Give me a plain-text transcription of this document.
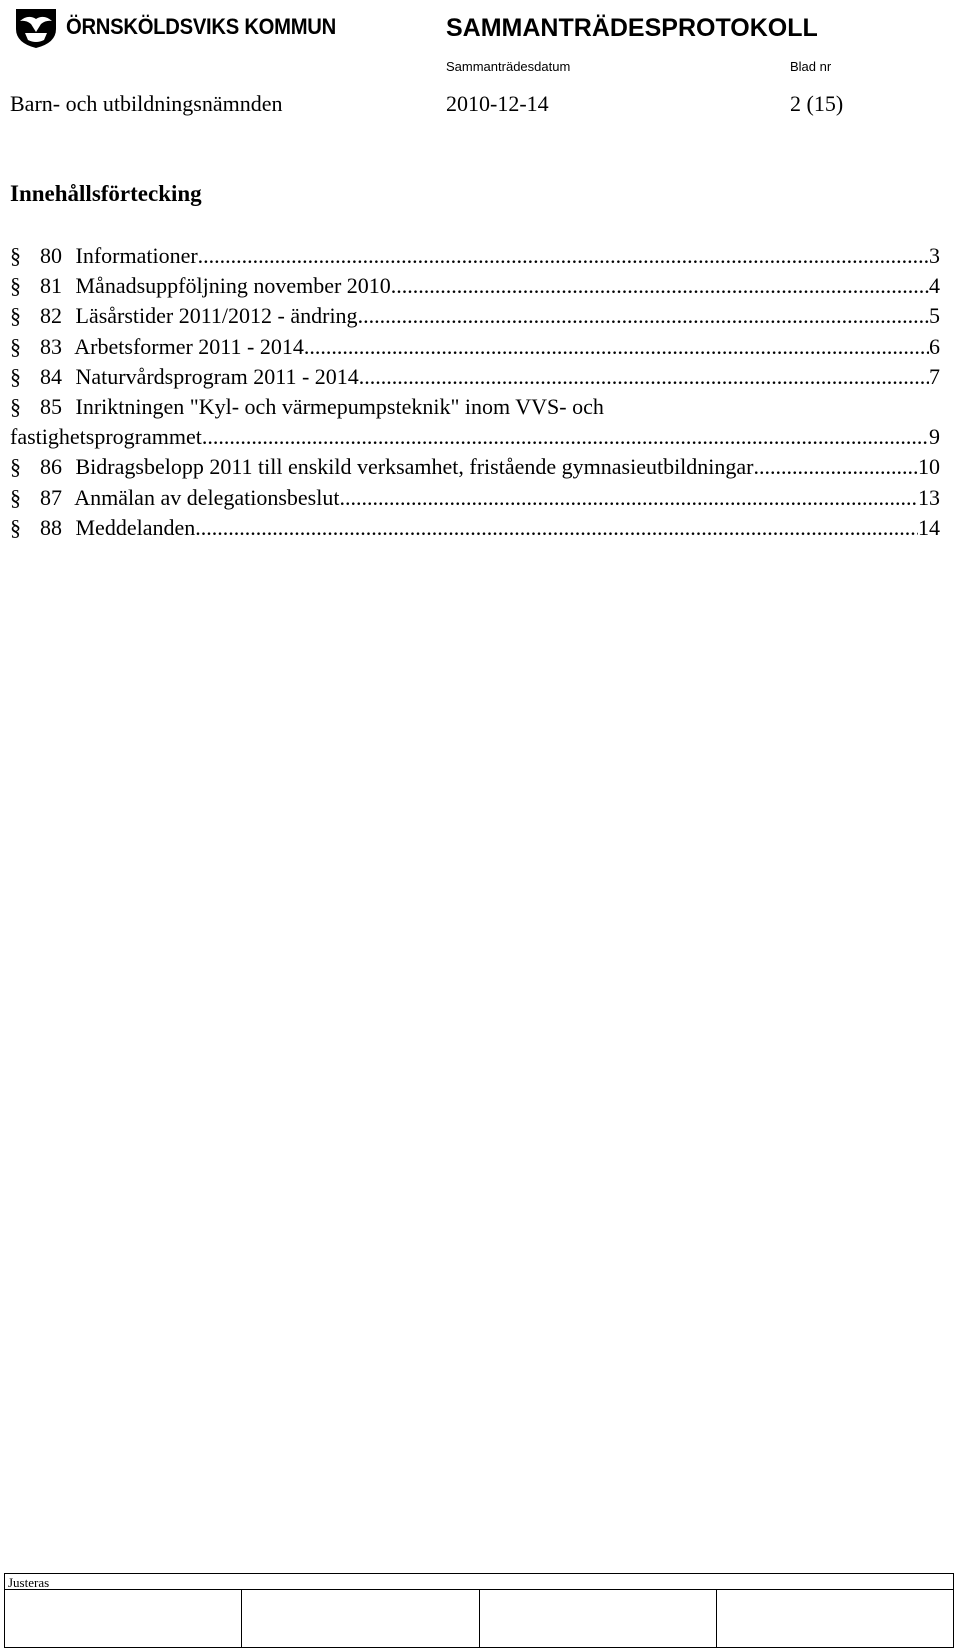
ÖRNSKÖLDSVIKS KOMMUN	SAMMANTRÄDESPROTOKOLL
Sammanträdesdatum	Blad nr
Barn- och utbildningsnämnden	2010-12-14	2 (15)
Innehållsförtecking
§ 80 Informationer .....	3
§ 81 Månadsuppföljning november 2010 .....	4
§ 82 Läsårstider 2011/2012 - ändring .....	5
§ 83 Arbetsformer 2011 - 2014 .....	6
§ 84 Naturvårdsprogram 2011 - 2014 .....	7
§ 85 Inriktningen "Kyl- och värmepumpsteknik" inom VVS- och
fastighetsprogrammet .....	9
§ 86 Bidragsbelopp 2011 till enskild verksamhet, fristående gymnasieutbildningar .....	10
§ 87 Anmälan av delegationsbeslut .....	13
§ 88 Meddelanden .....	14
Justeras
